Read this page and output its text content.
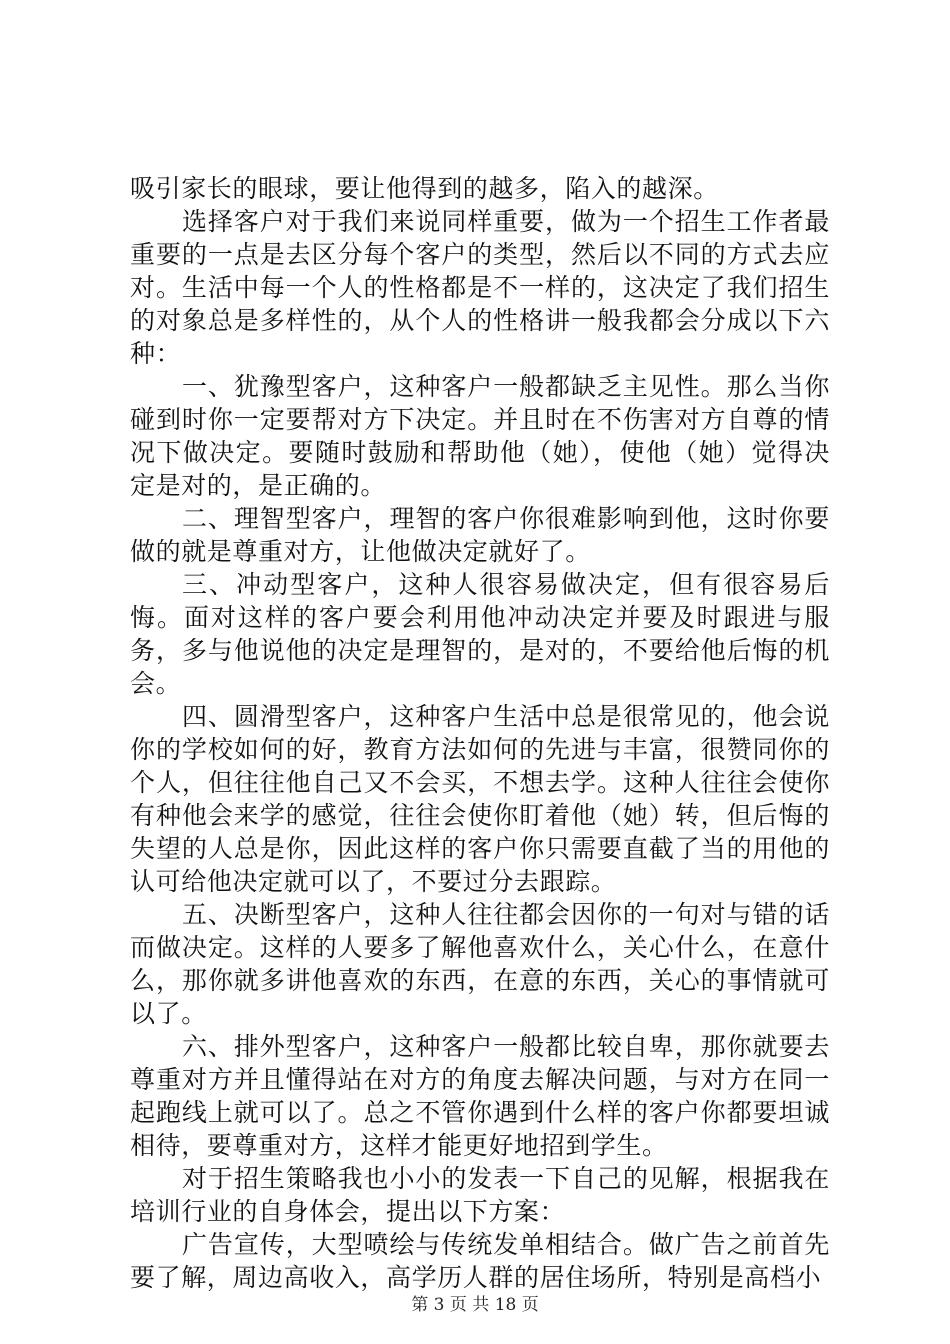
吸引家长的眼球，要让他得到的越多，陷入的越深。

选择客户对于我们来说同样重要，做为一个招生工作者最重要的一点是去区分每个客户的类型，然后以不同的方式去应对。生活中每一个人的性格都是不一样的，这决定了我们招生的对象总是多样性的，从个人的性格讲一般我都会分成以下六种：

一、犹豫型客户，这种客户一般都缺乏主见性。那么当你碰到时你一定要帮对方下决定。并且时在不伤害对方自尊的情况下做决定。要随时鼓励和帮助他（她），使他（她）觉得决定是对的，是正确的。

二、理智型客户，理智的客户你很难影响到他，这时你要做的就是尊重对方，让他做决定就好了。

三、冲动型客户，这种人很容易做决定，但有很容易后悔。面对这样的客户要会利用他冲动决定并要及时跟进与服务，多与他说他的决定是理智的，是对的，不要给他后悔的机会。

四、圆滑型客户，这种客户生活中总是很常见的，他会说你的学校如何的好，教育方法如何的先进与丰富，很赞同你的个人，但往往他自己又不会买，不想去学。这种人往往会使你有种他会来学的感觉，往往会使你盯着他（她）转，但后悔的失望的人总是你，因此这样的客户你只需要直截了当的用他的认可给他决定就可以了，不要过分去跟踪。

五、决断型客户，这种人往往都会因你的一句对与错的话而做决定。这样的人要多了解他喜欢什么，关心什么，在意什么，那你就多讲他喜欢的东西，在意的东西，关心的事情就可以了。

六、排外型客户，这种客户一般都比较自卑，那你就要去尊重对方并且懂得站在对方的角度去解决问题，与对方在同一起跑线上就可以了。总之不管你遇到什么样的客户你都要坦诚相待，要尊重对方，这样才能更好地招到学生。

对于招生策略我也小小的发表一下自己的见解，根据我在培训行业的自身体会，提出以下方案：

广告宣传，大型喷绘与传统发单相结合。做广告之前首先要了解，周边高收入，高学历人群的居住场所，特别是高档小

第 3 页 共 18 页
